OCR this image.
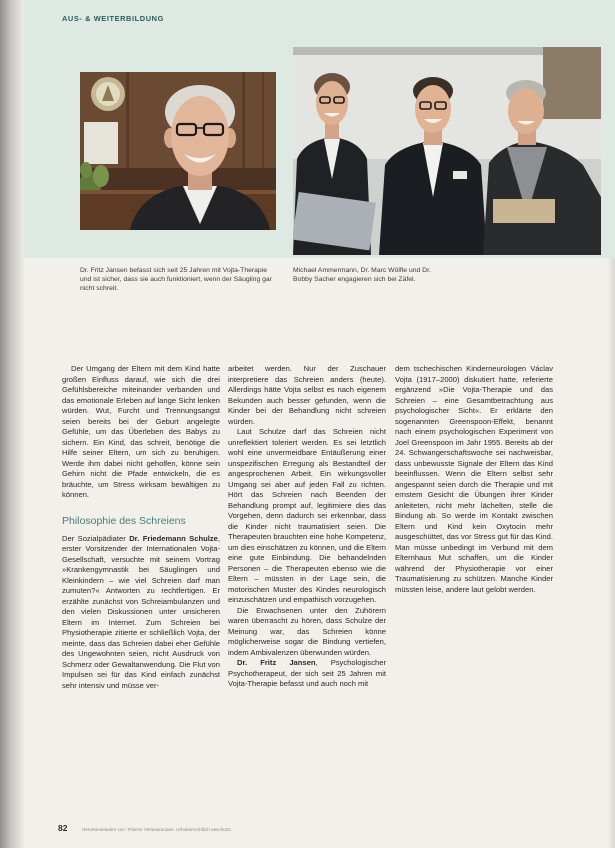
AUS- & WEITERBILDUNG
Dr. Fritz Jansen befasst sich seit 25 Jahren mit Vojta-Therapie und ist sicher, dass sie auch funktioniert, wenn der Säugling gar nicht schreit.
Michael Ammermann, Dr. Marc Wölfle und Dr. Bobby Sacher engagieren sich bei Zäfel.

Der Umgang der Eltern mit dem Kind hatte großen Einfluss darauf, wie sich die drei Gefühlsbereiche miteinander verbanden und das emotionale Erleben auf lange Sicht lenken würden. Wut, Furcht und Trennungsangst seien bereits bei der Geburt angelegte Gefühle, um das Überleben des Babys zu sichern. Ein Kind, das schreit, benötige die Hilfe seiner Eltern, um sich zu beruhigen. Werde ihm dabei nicht geholfen, könne sein Gehirn nicht die Pfade entwickeln, die es bräuchte, um Stress wirksam bewältigen zu können.

Philosophie des Schreiens

Der Sozialpädiater Dr. Friedemann Schulze, erster Vorsitzender der Internationalen Vojta-Gesellschaft, versuchte mit seinem Vortrag »Krankengymnastik bei Säuglingen und Kleinkindern – wie viel Schreien darf man zumuten?« Antworten zu rechtfertigen. Er erzählte zunächst von Schreiambulanzen und den vielen Diskussionen unter unsicheren Eltern im Internet. Zum Schreien bei Physiotherapie zitierte er schließlich Vojta, der meinte, dass das Schreien dabei eher Gefühle des Ungewohnten seien, nicht Ausdruck von Schmerz oder Gewaltanwendung. Die Flut von Impulsen sei für das Kind einfach zunächst sehr intensiv und müsse ver-

arbeitet werden. Nur der Zuschauer interpretiere das Schreien anders (heute). Allerdings hätte Vojta selbst es nach eigenem Bekunden auch besser gefunden, wenn die Kinder bei der Behandlung nicht schreien würden.

Laut Schulze darf das Schreien nicht unreflektiert toleriert werden. Es sei letztlich wohl eine unvermeidbare Entäußerung einer unspezifischen Erregung als Bestandteil der angesprochenen Arbeit. Ein wirkungsvoller Umgang sei aber auf jeden Fall zu richten. Hört das Schreien nach Beenden der Behandlung prompt auf, legitimiere dies das Vorgehen, denn dadurch sei erkennbar, dass die Kinder nicht traumatisiert seien. Die Therapeuten brauchten eine hohe Kompetenz, um dies einschätzen zu können, und die Eltern eine gute Einbindung. Die behandelnden Personen – die Therapeuten ebenso wie die Eltern – müssten in der Lage sein, die motorischen Muster des Kindes neurologisch einzuschätzen und empathisch vorzugehen.

Die Erwachsenen unter den Zuhörern waren überrascht zu hören, dass Schulze der Meinung war, das Schreien könne möglicherweise sogar die Bindung vertiefen, indem Ambivalenzen überwunden würden.

Dr. Fritz Jansen, Psychologischer Psychotherapeut, der sich seit 25 Jahren mit Vojta-Therapie befasst und auch noch mit

dem tschechischen Kinderneurologen Václav Vojta (1917–2000) diskutiert hatte, referierte ergänzend »Die Vojta-Therapie und das Schreien – eine Gesamtbetrachtung aus psychologischer Sicht«. Er erklärte den sogenannten Greenspoon-Effekt, benannt nach einem psychologischen Experiment von Joel Greenspoon im Jahr 1955. Bereits ab der 24. Schwangerschaftswoche sei nachweisbar, dass unbewusste Signale der Eltern das Kind beeinflussen. Wenn die Eltern selbst sehr angespannt seien durch die Therapie und mit ernstem Gesicht die Übungen ihrer Kinder anleiteten, nicht mehr lächelten, stelle die Bindung ab. So werde im Kontakt zwischen Eltern und Kind kein Oxytocin mehr ausgeschüttet, das vor Stress gut für das Kind. Man müsse unbedingt im Verbund mit dem Elternhaus Mut schaffen, um die Kinder während der Physiotherapie vor einer Traumatisierung zu schützen. Manche Kinder müssten leise, andere laut gelobt werden.

82	Heruntergeladen von: Thieme Verlagsgruppe. Urheberrechtlich geschützt.
